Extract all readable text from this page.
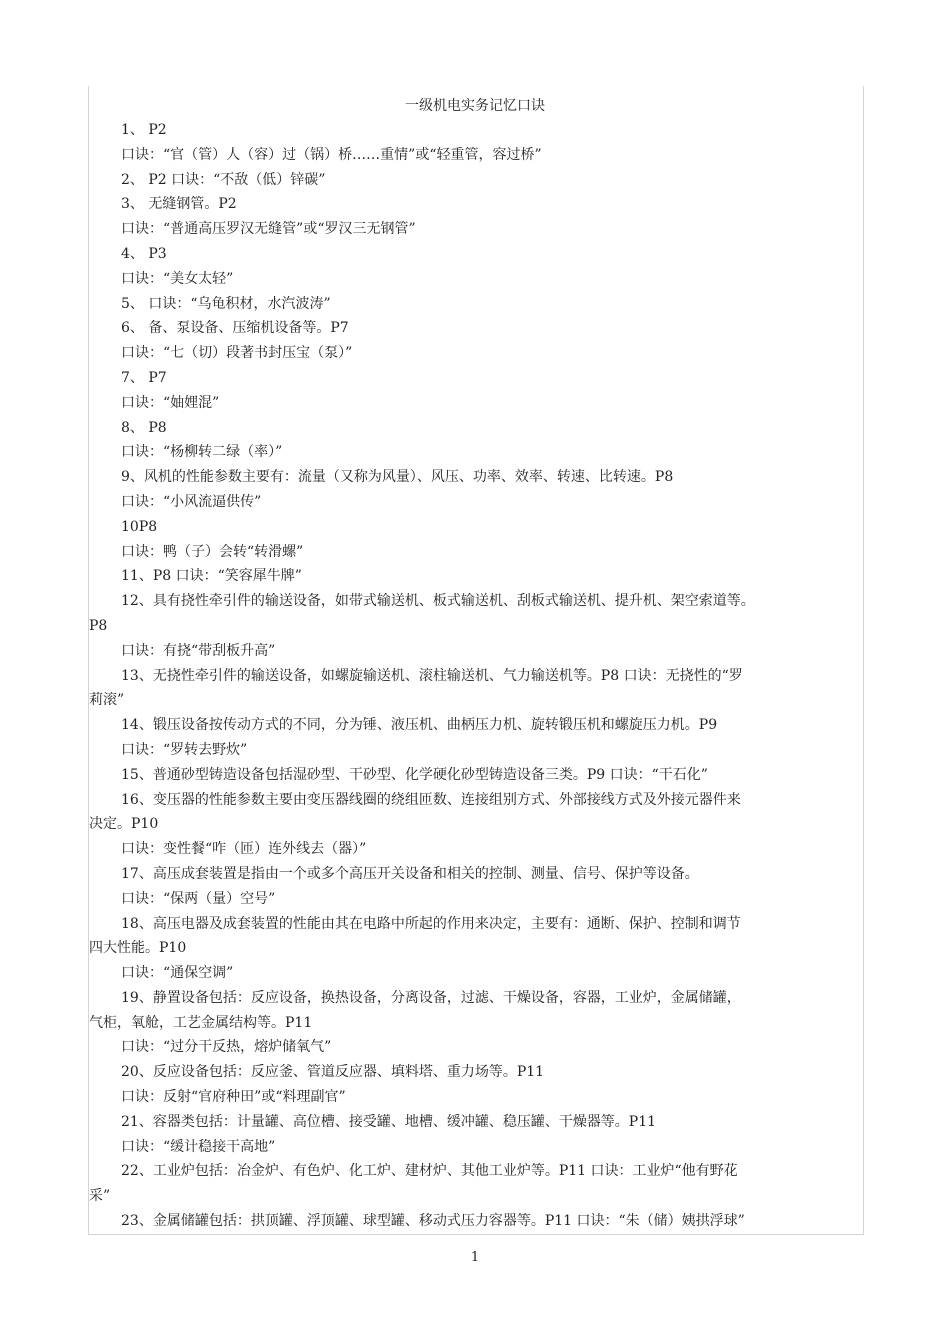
一级机电实务记忆口诀
1、 P2
口诀：“官（管）人（容）过（锅）桥……重情”或“轻重管，容过桥”
2、 P2 口诀：“不敌（低）锌碳”
3、 无缝钢管。P2
口诀：“普通高压罗汉无缝管”或“罗汉三无钢管”
4、 P3
口诀：“美女太轻”
5、 口诀：“乌龟积材，水汽波涛”
6、 备、泵设备、压缩机设备等。P7
口诀：“七（切）段著书封压宝（泵）”
7、 P7
口诀：“妯娌混”
8、 P8
口诀：“杨柳转二绿（率）”
9、风机的性能参数主要有：流量（又称为风量）、风压、功率、效率、转速、比转速。P8
口诀：“小风流逼供传”
10P8
口诀：鸭（子）会转“转滑螺”
11、P8 口诀：“笑容犀牛牌”
12、具有挠性牵引件的输送设备，如带式输送机、板式输送机、刮板式输送机、提升机、架空索道等。
P8
口诀：有挠“带刮板升高”
13、无挠性牵引件的输送设备，如螺旋输送机、滚柱输送机、气力输送机等。P8 口诀：无挠性的“罗
莉滚”
14、锻压设备按传动方式的不同，分为锤、液压机、曲柄压力机、旋转锻压机和螺旋压力机。P9
口诀：“罗转去野炊”
15、普通砂型铸造设备包括湿砂型、干砂型、化学硬化砂型铸造设备三类。P9 口诀：“干石化”
16、变压器的性能参数主要由变压器线圈的绕组匝数、连接组别方式、外部接线方式及外接元器件来
决定。P10
口诀：变性餐“咋（匝）连外线去（器）”
17、高压成套装置是指由一个或多个高压开关设备和相关的控制、测量、信号、保护等设备。
口诀：“保两（量）空号”
18、高压电器及成套装置的性能由其在电路中所起的作用来决定，主要有：通断、保护、控制和调节
四大性能。P10
口诀：“通保空调”
19、静置设备包括：反应设备，换热设备，分离设备，过滤、干燥设备，容器，工业炉，金属储罐，
气柜，氧舱，工艺金属结构等。P11
口诀：“过分干反热，熔炉储氧气”
20、反应设备包括：反应釜、管道反应器、填料塔、重力场等。P11
口诀：反射“官府种田”或“料理副官”
21、容器类包括：计量罐、高位槽、接受罐、地槽、缓冲罐、稳压罐、干燥器等。P11
口诀：“缓计稳接干高地”
22、工业炉包括：冶金炉、有色炉、化工炉、建材炉、其他工业炉等。P11 口诀：工业炉“他有野花
采”
23、金属储罐包括：拱顶罐、浮顶罐、球型罐、移动式压力容器等。P11 口诀：“朱（储）姨拱浮球”
1
